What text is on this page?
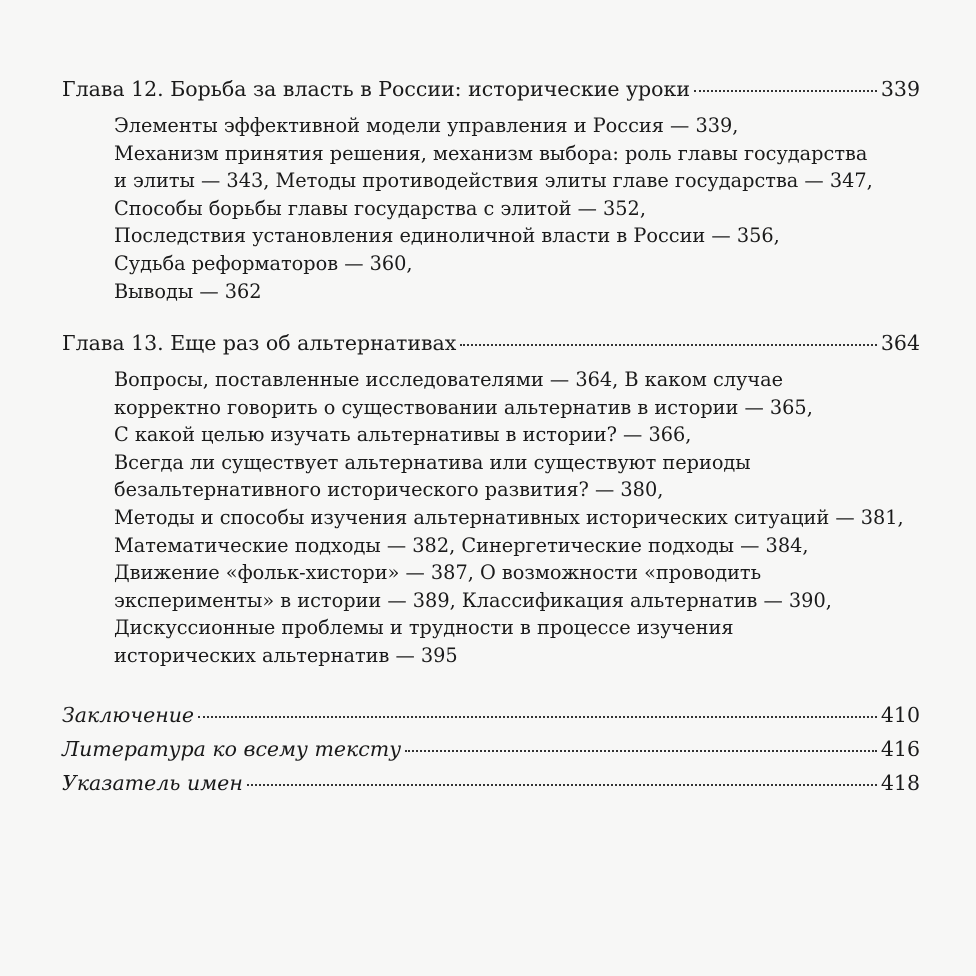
Глава 12. Борьба за власть в России: исторические уроки	339
Элементы эффективной модели управления и Россия — 339,
Механизм принятия решения, механизм выбора: роль главы государства
и элиты — 343, Методы противодействия элиты главе государства — 347,
Способы борьбы главы государства с элитой — 352,
Последствия установления единоличной власти в России — 356,
Судьба реформаторов — 360,
Выводы — 362
Глава 13. Еще раз об альтернативах	364
Вопросы, поставленные исследователями — 364, В каком случае
корректно говорить о существовании альтернатив в истории — 365,
С какой целью изучать альтернативы в истории? — 366,
Всегда ли существует альтернатива или существуют периоды
безальтернативного исторического развития? — 380,
Методы и способы изучения альтернативных исторических ситуаций — 381,
Математические подходы — 382, Синергетические подходы — 384,
Движение «фольк-хистори» — 387, О возможности «проводить
эксперименты» в истории — 389, Классификация альтернатив — 390,
Дискуссионные проблемы и трудности в процессе изучения
исторических альтернатив — 395
Заключение	410
Литература ко всему тексту	416
Указатель имен	418
